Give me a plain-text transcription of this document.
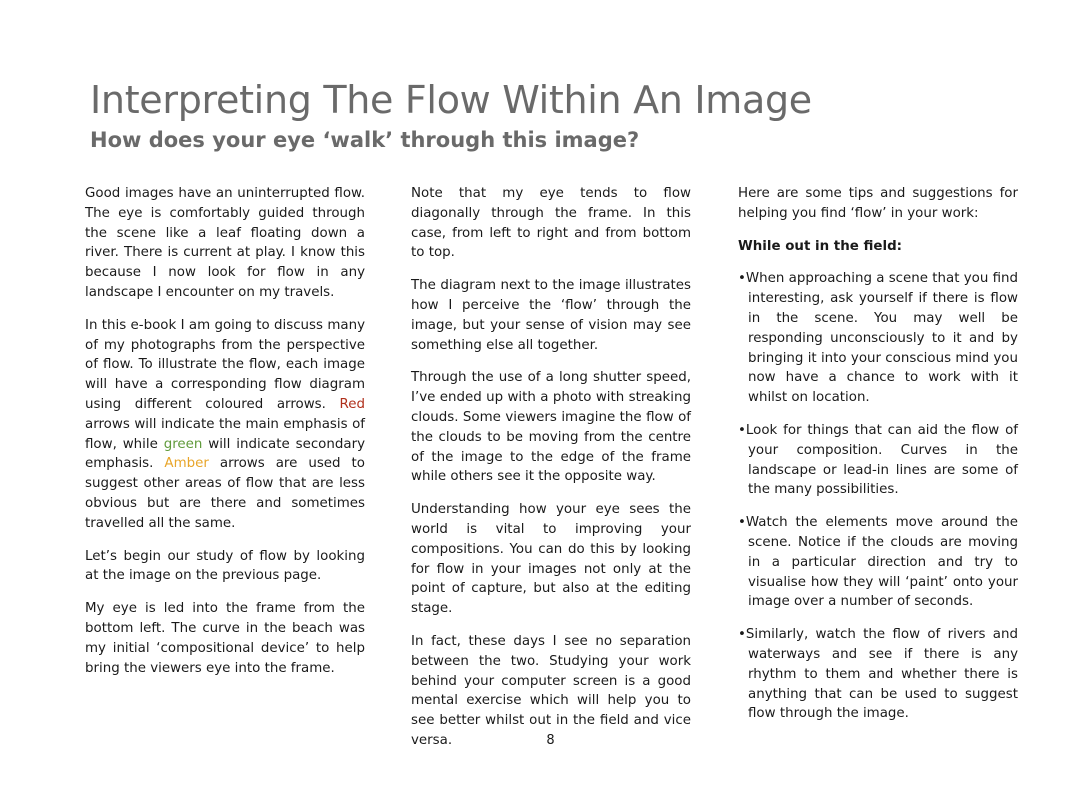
Interpreting The Flow Within An Image
How does your eye ‘walk’ through this image?

Good images have an uninterrupted flow. The eye is comfortably guided through the scene like a leaf floating down a river. There is current at play. I know this because I now look for flow in any landscape I encounter on my travels.

In this e-book I am going to discuss many of my photographs from the perspective of flow. To illustrate the flow, each image will have a corresponding flow diagram using different coloured arrows. Red arrows will indicate the main emphasis of flow, while green will indicate secondary emphasis. Amber arrows are used to suggest other areas of flow that are less obvious but are there and sometimes travelled all the same.

Let’s begin our study of flow by looking at the image on the previous page.

My eye is led into the frame from the bottom left. The curve in the beach was my initial ‘compositional device’ to help bring the viewers eye into the frame.

Note that my eye tends to flow diagonally through the frame. In this case, from left to right and from bottom to top.

The diagram next to the image illustrates how I perceive the ‘flow’ through the image, but your sense of vision may see something else all together.

Through the use of a long shutter speed, I’ve ended up with a photo with streaking clouds. Some viewers imagine the flow of the clouds to be moving from the centre of the image to the edge of the frame while others see it the opposite way.

Understanding how your eye sees the world is vital to improving your compositions. You can do this by looking for flow in your images not only at the point of capture, but also at the editing stage.

In fact, these days I see no separation between the two. Studying your work behind your computer screen is a good mental exercise which will help you to see better whilst out in the field and vice versa.

Here are some tips and suggestions for helping you find ‘flow’ in your work:

While out in the field:

•When approaching a scene that you find interesting, ask yourself if there is flow in the scene. You may well be responding unconsciously to it and by bringing it into your conscious mind you now have a chance to work with it whilst on location.

•Look for things that can aid the flow of your composition. Curves in the landscape or lead-in lines are some of the many possibilities.

•Watch the elements move around the scene. Notice if the clouds are moving in a particular direction and try to visualise how they will ‘paint’ onto your image over a number of seconds.

•Similarly, watch the flow of rivers and waterways and see if there is any rhythm to them and whether there is anything that can be used to suggest flow through the image.

8
